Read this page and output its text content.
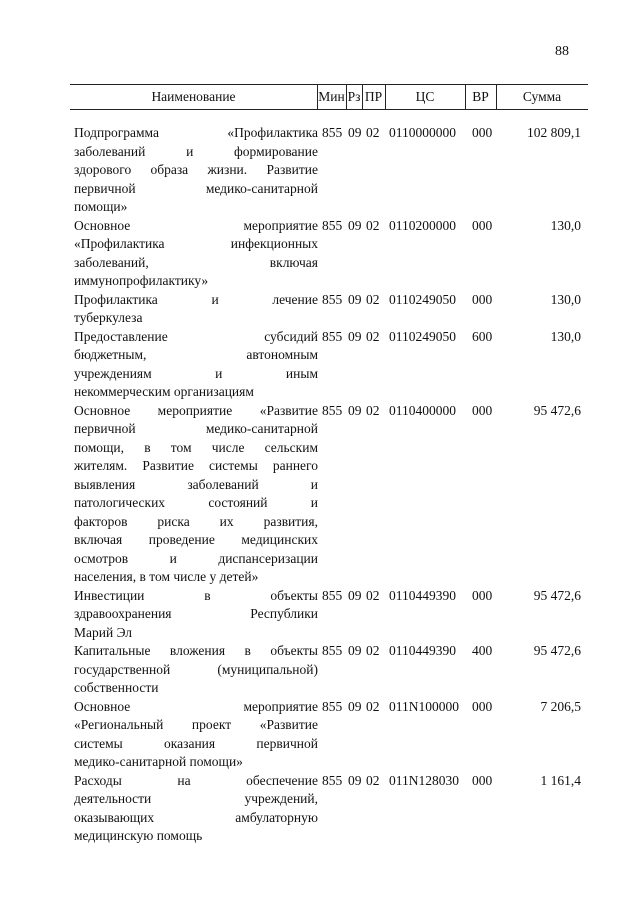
88
Наименование	Мин Рз ПР	ЦС	ВР	Сумма
Подпрограмма «Профилактика
заболеваний и формирование
здорового образа жизни. Развитие
первичной медико-санитарной
помощи»
855 09 02 0110000000 000	102 809,1
Основное мероприятие
«Профилактика инфекционных
заболеваний, включая
иммунопрофилактику»
855 09 02 0110200000 000	130,0
Профилактика и лечение
туберкулеза
855 09 02 0110249050 000	130,0
Предоставление субсидий
бюджетным, автономным
учреждениям и иным
некоммерческим организациям
855 09 02 0110249050 600	130,0
Основное мероприятие «Развитие
первичной медико-санитарной
помощи, в том числе сельским
жителям. Развитие системы раннего
выявления заболеваний и
патологических состояний и
факторов риска их развития,
включая проведение медицинских
осмотров и диспансеризации
населения, в том числе у детей»
855 09 02 0110400000 000	95 472,6
Инвестиции в объекты
здравоохранения Республики
Марий Эл
855 09 02 0110449390 000	95 472,6
Капитальные вложения в объекты
государственной (муниципальной)
собственности
855 09 02 0110449390 400	95 472,6
Основное мероприятие
«Региональный проект «Развитие
системы оказания первичной
медико-санитарной помощи»
855 09 02 011N100000 000	7 206,5
Расходы на обеспечение
деятельности учреждений,
оказывающих амбулаторную
медицинскую помощь
855 09 02 011N128030 000	1 161,4
